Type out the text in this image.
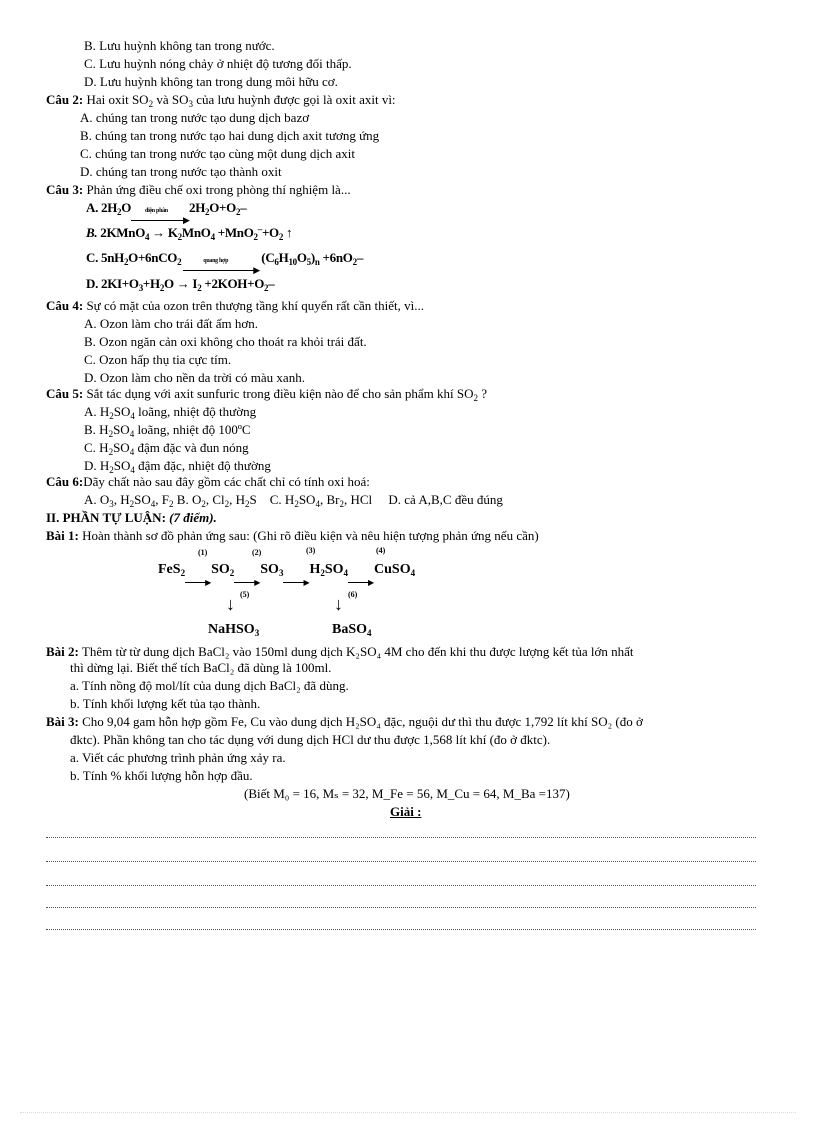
B. Lưu huỳnh không tan trong nước.
C. Lưu huỳnh nóng chảy ở nhiệt độ tương đối thấp.
D. Lưu huỳnh không tan trong dung môi hữu cơ.
Câu 2: Hai oxit $SO_2$ và $SO_3$ của lưu huỳnh được gọi là oxit axit vì:
A. chúng tan trong nước tạo dung dịch bazơ
B. chúng tan trong nước tạo hai dung dịch axit tương ứng
C. chúng tan trong nước tạo cùng một dung dịch axit
D. chúng tan trong nước tạo thành oxit
Câu 3: Phản ứng điều chế oxi trong phòng thí nghiệm là...
A. $2H_2O$ điện phân
▶
$2H_2O+O_2-$
B. 2KMnO$_4$ → $K_2MnO_4 +MnO_2^-+O_2$ ↑
C. $5nH_2O+6nCO_2$	quang hợp
▶
$(C_6H_{10}O_5)_n +6nO_2-$
D. $2KI+O_3+H_2O \to I_2 +2KOH+O_2-$
Câu 4: Sự có mặt của ozon trên thượng tầng khí quyển rất cần thiết, vì...
A. Ozon làm cho trái đất ấm hơn.
B. Ozon ngăn cản oxi không cho thoát ra khỏi trái đất.
C. Ozon hấp thụ tia cực tím.
D. Ozon làm cho nền da trời có màu xanh.
Câu 5: Sắt tác dụng với axit sunfuric trong điều kiện nào để cho sản phẩm khí $SO_2$ ?
A. $H_2SO_4$ loãng, nhiệt độ thường
B. $H_2SO_4$ loãng, nhiệt độ 100ºC
C. $H_2SO_4$ đậm đặc và đun nóng
D. $H_2SO_4$ đậm đặc, nhiệt độ thường
Câu 6:Dãy chất nào sau đây gồm các chất chỉ có tính oxi hoá:
A. $O_3$, $H_2SO_4$, $F_2$ B. $O_2$, $Cl_2$, $H_2S$    C. $H_2SO_4$, $Br_2$, HCl     D. cả A,B,C đều đúng
II. PHẦN TỰ LUẬN: (7 điểm).
Bài 1: Hoàn thành sơ đồ phản ứng sau: (Ghi rõ điều kiện và nêu hiện tượng phản ứng nếu cần)
FeS$_2$
▶
$SO_2$
▶
$SO_3$
▶
$H_2SO_4$
▶
CuSO$_4$
(1)	(2)	(3)	(4)
↓ (5)	↓ (6)
NaHSO$_3$	BaSO$_4$
Bài 2: Thêm từ từ dung dịch BaCl₂ vào 150ml dung dịch K₂SO₄ 4M cho đến khi thu được lượng kết tủa lớn nhất
thì dừng lại. Biết thể tích BaCl₂ đã dùng là 100ml.
a. Tính nồng độ mol/lít của dung dịch BaCl₂ đã dùng.
b. Tính khối lượng kết tủa tạo thành.
Bài 3: Cho 9,04 gam hỗn hợp gồm Fe, Cu vào dung dịch H₂SO₄ đặc, nguội dư thì thu được 1,792 lít khí SO₂ (đo ở
đktc). Phần không tan cho tác dụng với dung dịch HCl dư thu được 1,568 lít khí (đo ở đktc).
a. Viết các phương trình phản ứng xảy ra.
b. Tính % khối lượng hỗn hợp đầu.
(Biết M₀ = 16, Mₛ = 32, M_Fe = 56, M_Cu = 64, M_Ba =137)
Giải :
